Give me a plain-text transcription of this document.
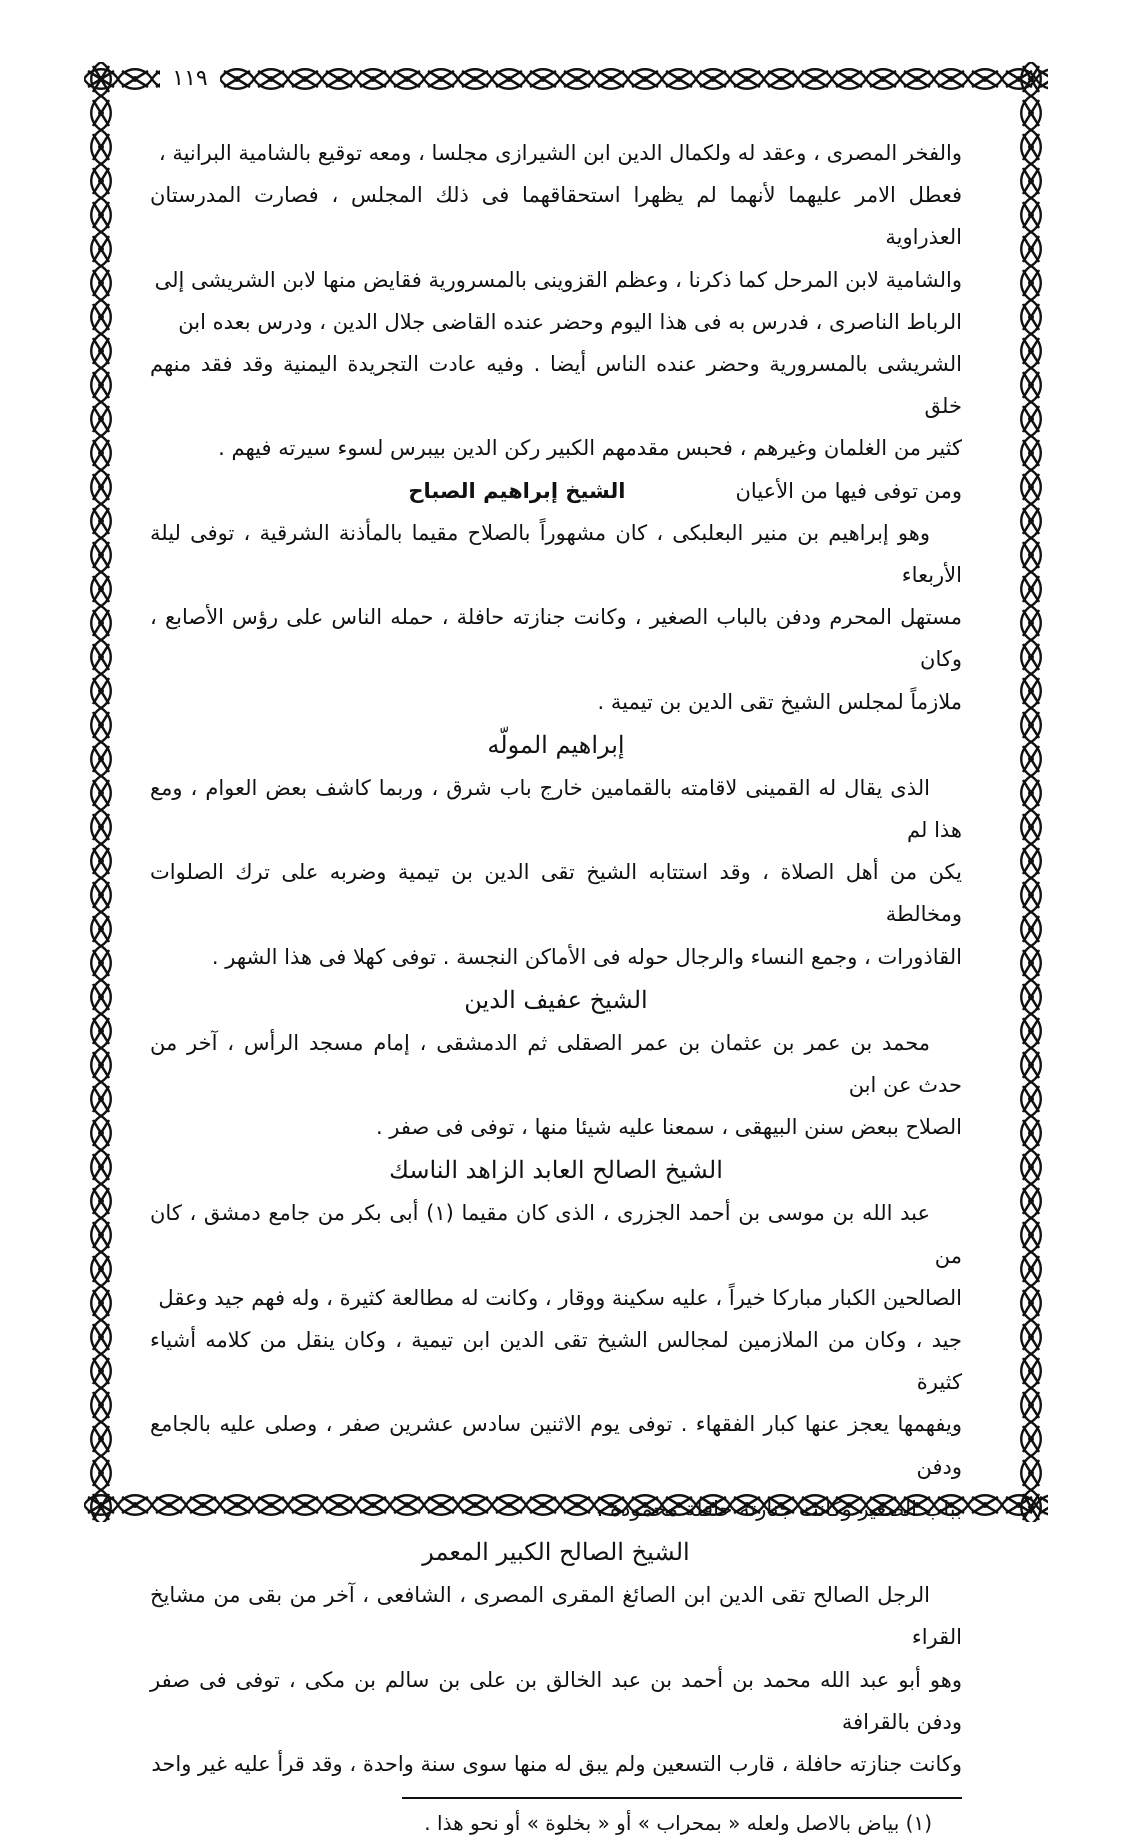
١١٩

والفخر المصرى ، وعقد له ولكمال الدين ابن الشيرازى مجلسا ، ومعه توقيع بالشامية البرانية ،

فعطل الامر عليهما لأنهما لم يظهرا استحقاقهما فى ذلك المجلس ، فصارت المدرستان العذراوية

والشامية لابن المرحل كما ذكرنا ، وعظم القزوينى بالمسرورية فقايض منها لابن الشريشى إلى

الرباط الناصرى ، فدرس به فى هذا اليوم وحضر عنده القاضى جلال الدين ، ودرس بعده ابن

الشريشى بالمسرورية وحضر عنده الناس أيضا . وفيه عادت التجريدة اليمنية وقد فقد منهم خلق

كثير من الغلمان وغيرهم ، فحبس مقدمهم الكبير ركن الدين بيبرس لسوء سيرته فيهم .

ومن توفى فيها من الأعيان
الشيخ إبراهيم الصباح

وهو إبراهيم بن منير البعلبكى ، كان مشهوراً بالصلاح مقيما بالمأذنة الشرقية ، توفى ليلة الأربعاء

مستهل المحرم ودفن بالباب الصغير ، وكانت جنازته حافلة ، حمله الناس على رؤس الأصابع ، وكان

ملازماً لمجلس الشيخ تقى الدين بن تيمية .

إبراهيم المولّه

الذى يقال له القمينى لاقامته بالقمامين خارج باب شرق ، وربما كاشف بعض العوام ، ومع هذا لم

يكن من أهل الصلاة ، وقد استتابه الشيخ تقى الدين بن تيمية وضربه على ترك الصلوات ومخالطة

القاذورات ، وجمع النساء والرجال حوله فى الأماكن النجسة . توفى كهلا فى هذا الشهر .

الشيخ عفيف الدين

محمد بن عمر بن عثمان بن عمر الصقلى ثم الدمشقى ، إمام مسجد الرأس ، آخر من حدث عن ابن

الصلاح ببعض سنن البيهقى ، سمعنا عليه شيئا منها ، توفى فى صفر .

الشيخ الصالح العابد الزاهد الناسك

عبد الله بن موسى بن أحمد الجزرى ، الذى كان مقيما (١) أبى بكر من جامع دمشق ، كان من

الصالحين الكبار مباركا خيراً ، عليه سكينة ووقار ، وكانت له مطالعة كثيرة ، وله فهم جيد وعقل

جيد ، وكان من الملازمين لمجالس الشيخ تقى الدين ابن تيمية ، وكان ينقل من كلامه أشياء كثيرة

ويفهمها يعجز عنها كبار الفقهاء . توفى يوم الاثنين سادس عشرين صفر ، وصلى عليه بالجامع ودفن

بباب الصغير وكانت جنازته حافلة محمودة .

الشيخ الصالح الكبير المعمر

الرجل الصالح تقى الدين ابن الصائغ المقرى المصرى ، الشافعى ، آخر من بقى من مشايخ القراء

وهو أبو عبد الله محمد بن أحمد بن عبد الخالق بن على بن سالم بن مكى ، توفى فى صفر ودفن بالقرافة

وكانت جنازته حافلة ، قارب التسعين ولم يبق له منها سوى سنة واحدة ، وقد قرأ عليه غير واحد

(١) بياض بالاصل ولعله « بمحراب » أو « بخلوة » أو نحو هذا .
